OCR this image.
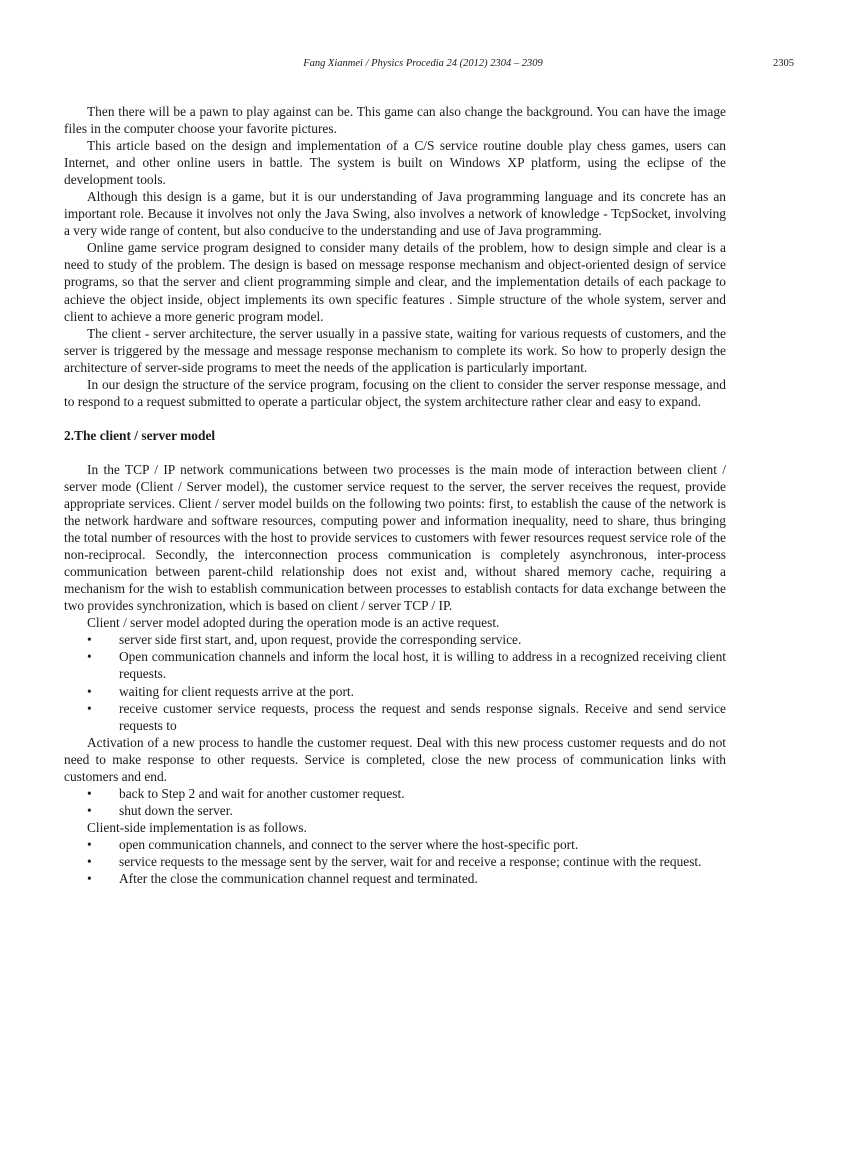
Fang Xianmei / Physics Procedia 24 (2012) 2304 – 2309	2305

Then there will be a pawn to play against can be. This game can also change the background. You can have the image files in the computer choose your favorite pictures.

This article based on the design and implementation of a C/S service routine double play chess games, users can Internet, and other online users in battle. The system is built on Windows XP platform, using the eclipse of the development tools.

Although this design is a game, but it is our understanding of Java programming language and its concrete has an important role. Because it involves not only the Java Swing, also involves a network of knowledge - TcpSocket, involving a very wide range of content, but also conducive to the understanding and use of Java programming.

Online game service program designed to consider many details of the problem, how to design simple and clear is a need to study of the problem. The design is based on message response mechanism and object-oriented design of service programs, so that the server and client programming simple and clear, and the implementation details of each package to achieve the object inside, object implements its own specific features . Simple structure of the whole system, server and client to achieve a more generic program model.

The client - server architecture, the server usually in a passive state, waiting for various requests of customers, and the server is triggered by the message and message response mechanism to complete its work. So how to properly design the architecture of server-side programs to meet the needs of the application is particularly important.

In our design the structure of the service program, focusing on the client to consider the server response message, and to respond to a request submitted to operate a particular object, the system architecture rather clear and easy to expand.

2.The client / server model

In the TCP / IP network communications between two processes is the main mode of interaction between client / server mode (Client / Server model), the customer service request to the server, the server receives the request, provide appropriate services. Client / server model builds on the following two points: first, to establish the cause of the network is the network hardware and software resources, computing power and information inequality, need to share, thus bringing the total number of resources with the host to provide services to customers with fewer resources request service role of the non-reciprocal. Secondly, the interconnection process communication is completely asynchronous, inter-process communication between parent-child relationship does not exist and, without shared memory cache, requiring a mechanism for the wish to establish communication between processes to establish contacts for data exchange between the two provides synchronization, which is based on client / server TCP / IP.

Client / server model adopted during the operation mode is an active request.

•	server side first start, and, upon request, provide the corresponding service.
•	Open communication channels and inform the local host, it is willing to address in a recognized receiving client requests.
•	waiting for client requests arrive at the port.
•	receive customer service requests, process the request and sends response signals. Receive and send service requests to

Activation of a new process to handle the customer request. Deal with this new process customer requests and do not need to make response to other requests. Service is completed, close the new process of communication links with customers and end.

•	back to Step 2 and wait for another customer request.
•	shut down the server.

Client-side implementation is as follows.

•	open communication channels, and connect to the server where the host-specific port.
•	service requests to the message sent by the server, wait for and receive a response; continue with the request.
•	After the close the communication channel request and terminated.
